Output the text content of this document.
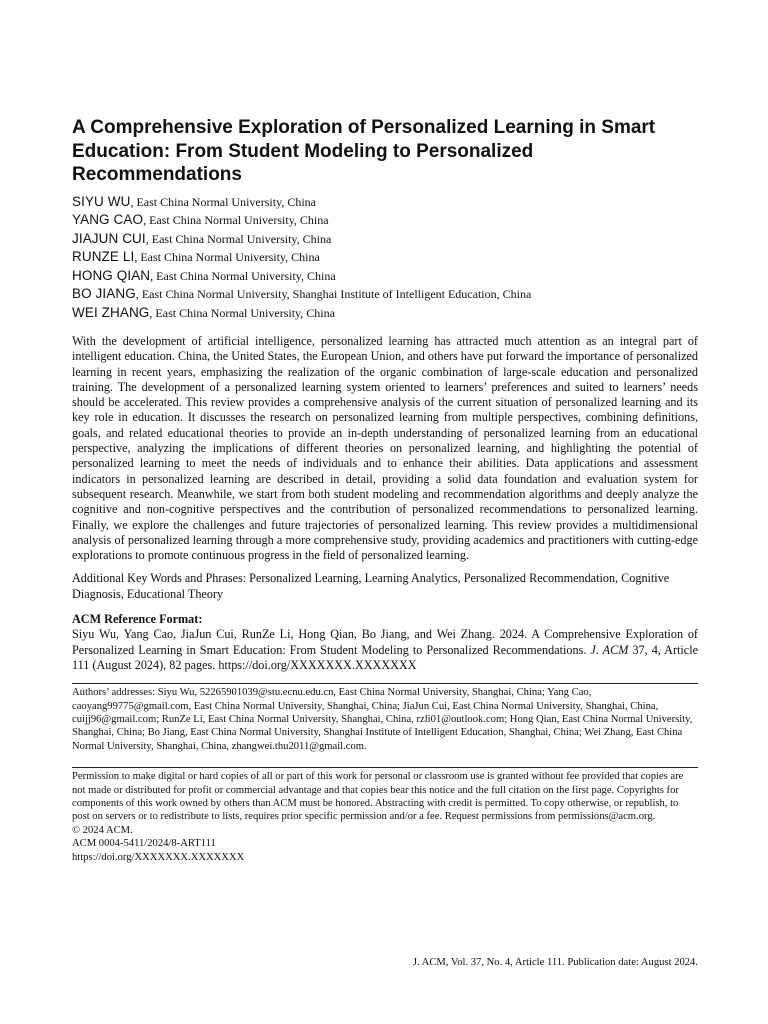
A Comprehensive Exploration of Personalized Learning in Smart Education: From Student Modeling to Personalized Recommendations
SIYU WU, East China Normal University, China
YANG CAO, East China Normal University, China
JIAJUN CUI, East China Normal University, China
RUNZE LI, East China Normal University, China
HONG QIAN, East China Normal University, China
BO JIANG, East China Normal University, Shanghai Institute of Intelligent Education, China
WEI ZHANG, East China Normal University, China

With the development of artificial intelligence, personalized learning has attracted much attention as an integral part of intelligent education. China, the United States, the European Union, and others have put forward the importance of personalized learning in recent years, emphasizing the realization of the organic combination of large-scale education and personalized training. The development of a personalized learning system oriented to learners’ preferences and suited to learners’ needs should be accelerated. This review provides a comprehensive analysis of the current situation of personalized learning and its key role in education. It discusses the research on personalized learning from multiple perspectives, combining definitions, goals, and related educational theories to provide an in-depth understanding of personalized learning from an educational perspective, analyzing the implications of different theories on personalized learning, and highlighting the potential of personalized learning to meet the needs of individuals and to enhance their abilities. Data applications and assessment indicators in personalized learning are described in detail, providing a solid data foundation and evaluation system for subsequent research. Meanwhile, we start from both student modeling and recommendation algorithms and deeply analyze the cognitive and non-cognitive perspectives and the contribution of personalized recommendations to personalized learning. Finally, we explore the challenges and future trajectories of personalized learning. This review provides a multidimensional analysis of personalized learning through a more comprehensive study, providing academics and practitioners with cutting-edge explorations to promote continuous progress in the field of personalized learning.

Additional Key Words and Phrases: Personalized Learning, Learning Analytics, Personalized Recommendation, Cognitive Diagnosis, Educational Theory

ACM Reference Format:

Siyu Wu, Yang Cao, JiaJun Cui, RunZe Li, Hong Qian, Bo Jiang, and Wei Zhang. 2024. A Comprehensive Exploration of Personalized Learning in Smart Education: From Student Modeling to Personalized Recommendations. J. ACM 37, 4, Article 111 (August 2024), 82 pages. https://doi.org/XXXXXXX.XXXXXXX

Authors’ addresses: Siyu Wu, 52265901039@stu.ecnu.edu.cn, East China Normal University, Shanghai, China; Yang Cao, caoyang99775@gmail.com, East China Normal University, Shanghai, China; JiaJun Cui, East China Normal University, Shanghai, China, cuijj96@gmail.com; RunZe Li, East China Normal University, Shanghai, China, rzli01@outlook.com; Hong Qian, East China Normal University, Shanghai, China; Bo Jiang, East China Normal University, Shanghai Institute of Intelligent Education, Shanghai, China; Wei Zhang, East China Normal University, Shanghai, China, zhangwei.thu2011@gmail.com.

Permission to make digital or hard copies of all or part of this work for personal or classroom use is granted without fee provided that copies are not made or distributed for profit or commercial advantage and that copies bear this notice and the full citation on the first page. Copyrights for components of this work owned by others than ACM must be honored. Abstracting with credit is permitted. To copy otherwise, or republish, to post on servers or to redistribute to lists, requires prior specific permission and/or a fee. Request permissions from permissions@acm.org.

© 2024 ACM.
ACM 0004-5411/2024/8-ART111
https://doi.org/XXXXXXX.XXXXXXX
J. ACM, Vol. 37, No. 4, Article 111. Publication date: August 2024.
